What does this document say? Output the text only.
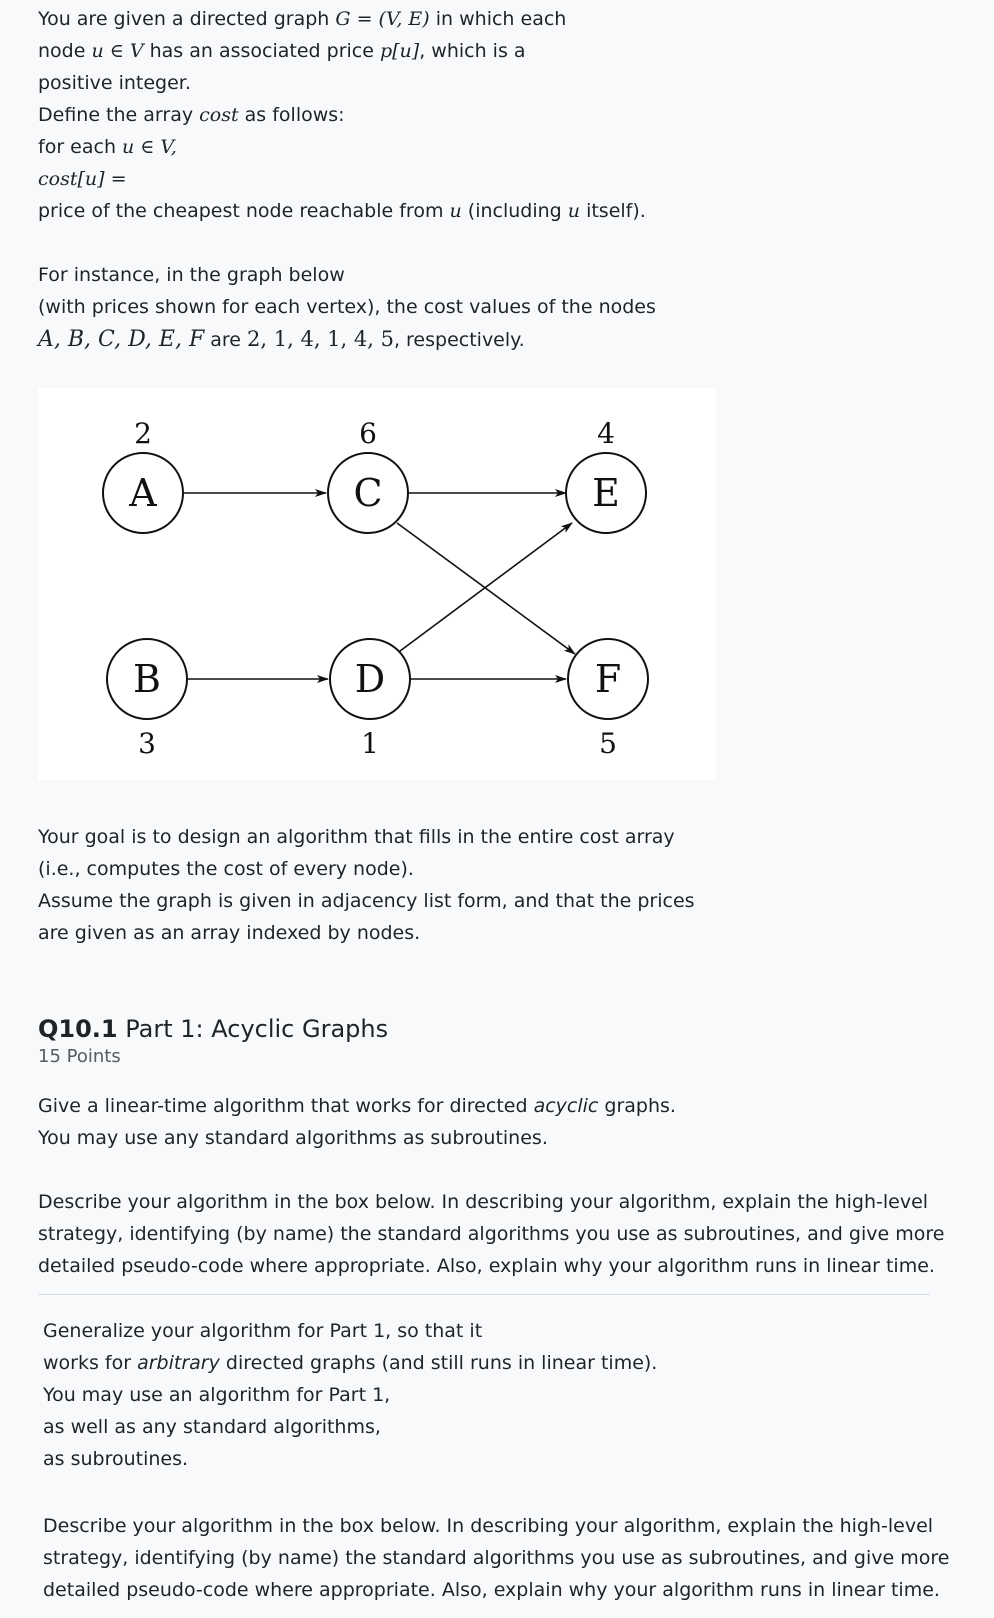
You are given a directed graph G = (V, E) in which each
node u ∈ V has an associated price p[u], which is a
positive integer.
Define the array cost as follows:
for each u ∈ V,
cost[u] =
price of the cheapest node reachable from u (including u itself).
For instance, in the graph below
(with prices shown for each vertex), the cost values of the nodes
A, B, C, D, E, F are 2, 1, 4, 1, 4, 5, respectively.
A
2
C
6
E
4
B
3
D
1
F
5
Your goal is to design an algorithm that fills in the entire cost array
(i.e., computes the cost of every node).
Assume the graph is given in adjacency list form, and that the prices
are given as an array indexed by nodes.
Q10.1 Part 1: Acyclic Graphs
15 Points
Give a linear-time algorithm that works for directed acyclic graphs.
You may use any standard algorithms as subroutines.
Describe your algorithm in the box below. In describing your algorithm, explain the high-level
strategy, identifying (by name) the standard algorithms you use as subroutines, and give more
detailed pseudo-code where appropriate. Also, explain why your algorithm runs in linear time.
Generalize your algorithm for Part 1, so that it
works for arbitrary directed graphs (and still runs in linear time).
You may use an algorithm for Part 1,
as well as any standard algorithms,
as subroutines.
Describe your algorithm in the box below. In describing your algorithm, explain the high-level
strategy, identifying (by name) the standard algorithms you use as subroutines, and give more
detailed pseudo-code where appropriate. Also, explain why your algorithm runs in linear time.
